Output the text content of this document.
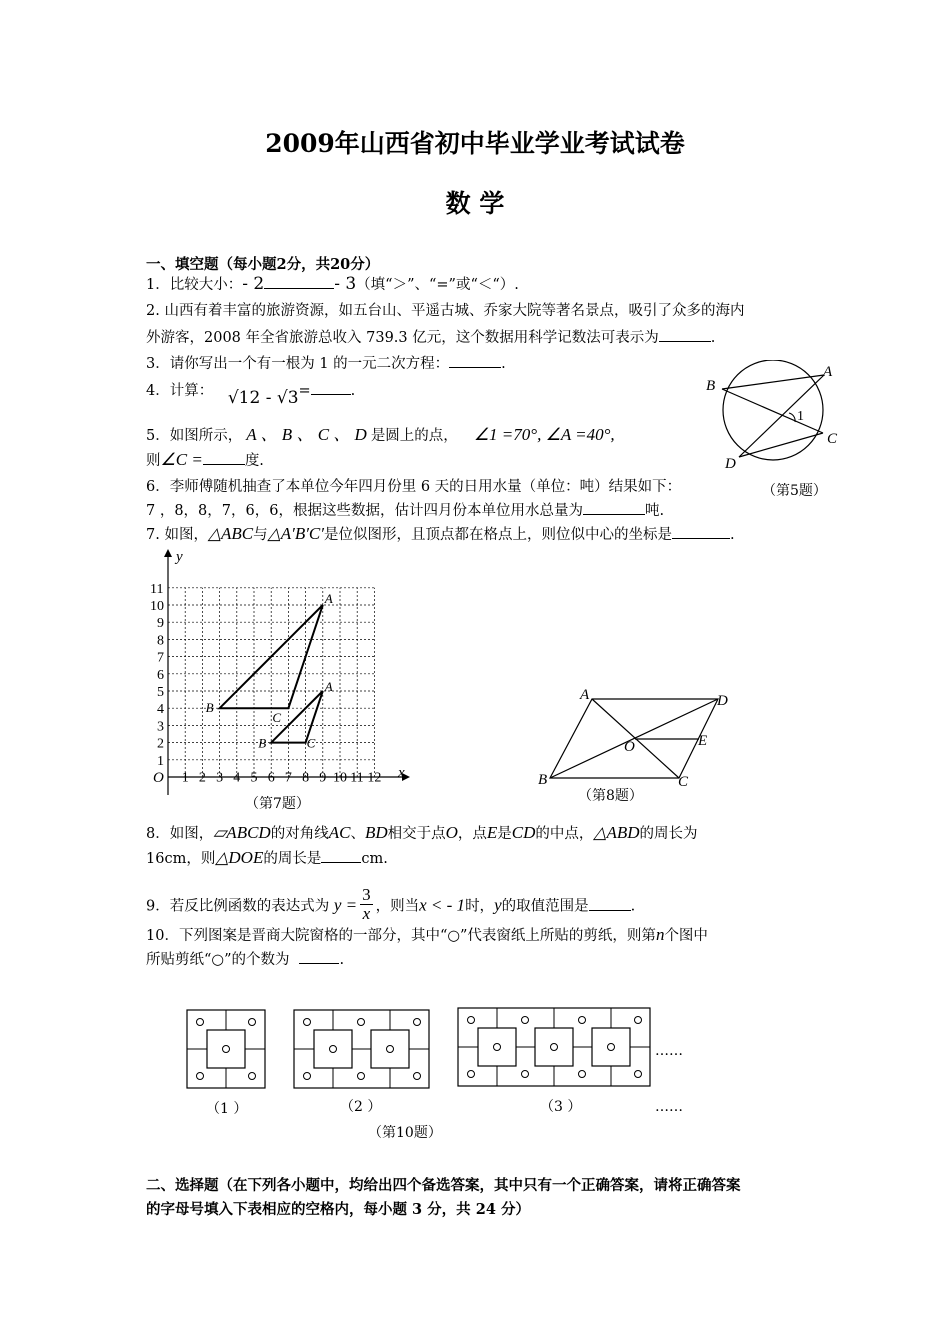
2009年山西省初中毕业学业考试试卷
数 学
一、填空题（每小题2分，共20分）
1．比较大小：- 2	- 3（填“＞”、“=”或“＜“）.
2. 山西有着丰富的旅游资源，如五台山、平遥古城、乔家大院等著名景点，吸引了众多的海内
外游客，2008 年全省旅游总收入 739.3 亿元，这个数据用科学记数法可表示为	.
3．请你写出一个有一根为 1 的一元二次方程：	.
4．计算： √12 - √3=	.
5．如图所示， A 、 B 、 C 、 D 是圆上的点， ∠1 =70°, ∠A =40°,
则∠C =	度.
6．李师傅随机抽查了本单位今年四月份里 6 天的日用水量（单位：吨）结果如下：
7 ，8，8，7，6，6，根据这些数据，估计四月份本单位用水总量为	吨.
7. 如图，△ABC与△A′B′C′是位似图形，且顶点都在格点上，则位似中心的坐标是	.
B
A
C
D
1
（第5题）
1 2 3 4 5 6 7 8 9 10 11 12
1
2
3
4
5
6
7
8
9
10
11
y
x
O
A
B
C
A
B	C
（第7题）
A	D
O	E
B	C
（第8题）
8．如图，▱ABCD的对角线AC、BD相交于点O，点E是CD的中点，△ABD的周长为
16cm，则△DOE的周长是	cm.
9．若反比例函数的表达式为 $y = \frac{3}{x}$ ，则当x < - 1时，y的取值范围是	.
10．下列图案是晋商大院窗格的一部分，其中“○”代表窗纸上所贴的剪纸，则第n个图中
所贴剪纸“○”的个数为	.
……
（1 ）	（2 ）	（3 ）	……
（第10题）
二、选择题（在下列各小题中，均给出四个备选答案，其中只有一个正确答案，请将正确答案
的字母号填入下表相应的空格内，每小题 3 分，共 24 分）
